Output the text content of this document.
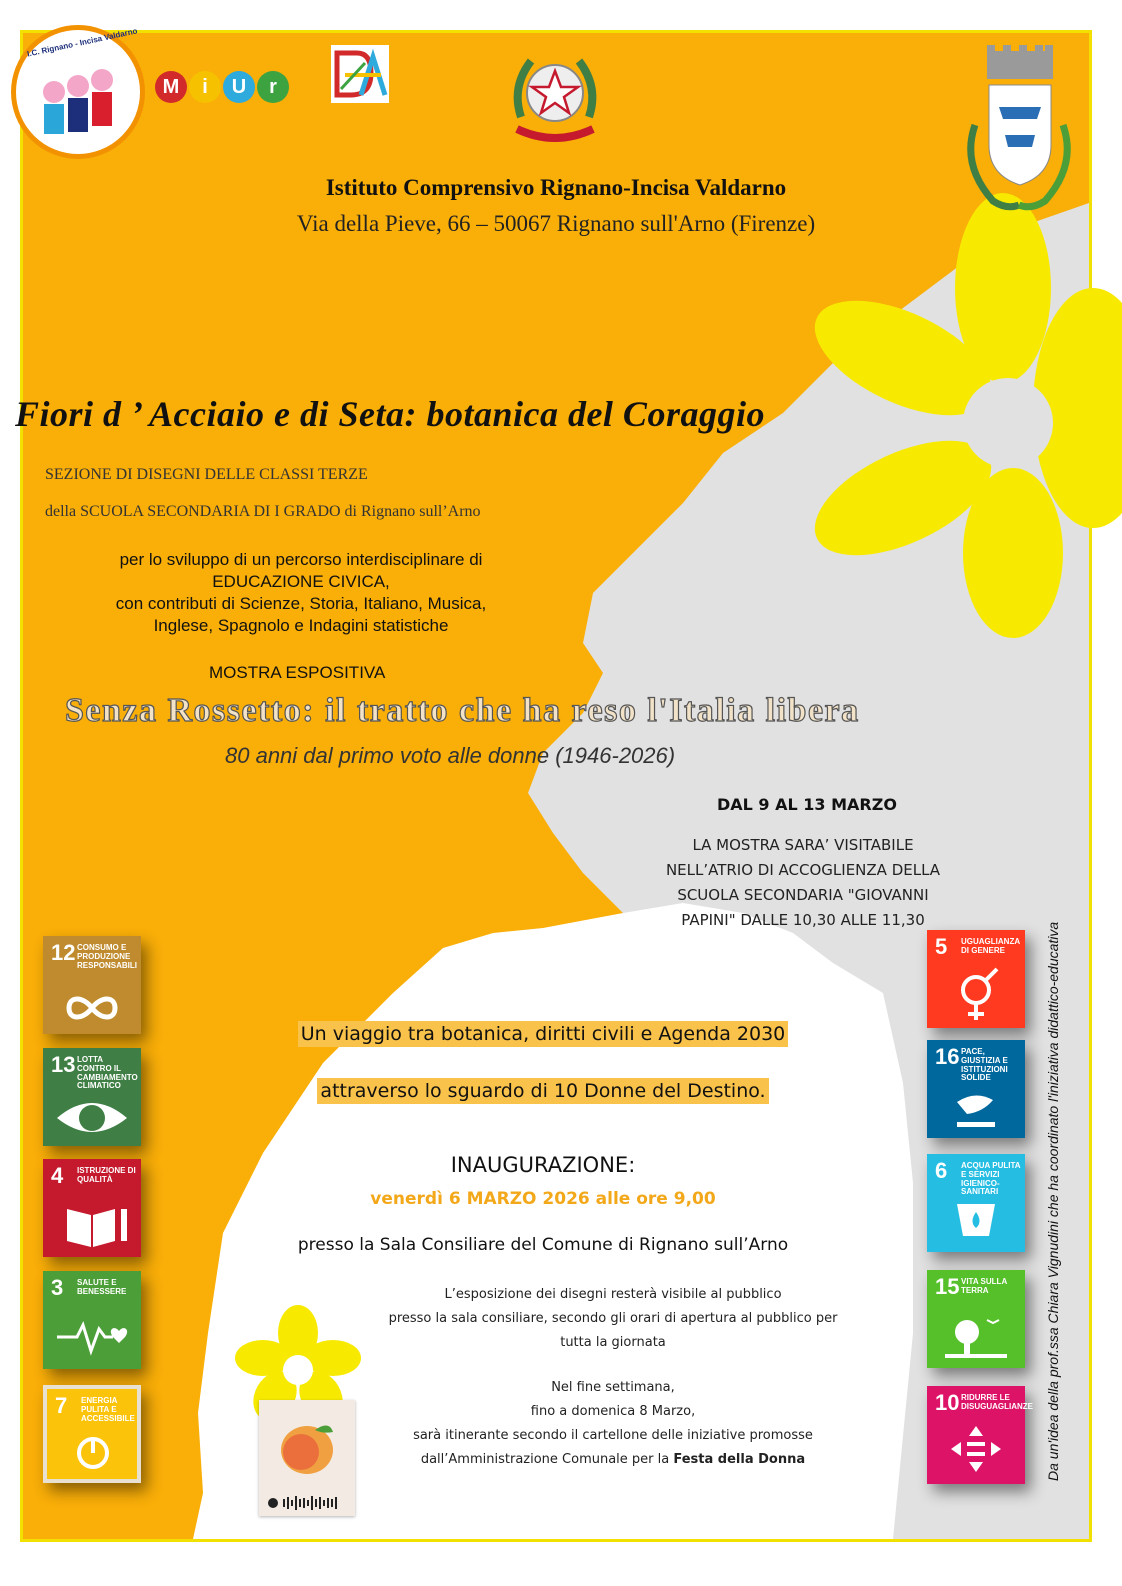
I.C. Rignano - Incisa Valdarno
M	i	U	r
Istituto Comprensivo Rignano-Incisa Valdarno
Via della Pieve, 66 – 50067 Rignano sull'Arno (Firenze)
Fiori d ’ Acciaio e di Seta: botanica del Coraggio
SEZIONE DI DISEGNI DELLE CLASSI TERZE
della SCUOLA SECONDARIA DI I GRADO di Rignano sull’Arno
per lo sviluppo di un percorso interdisciplinare di
EDUCAZIONE CIVICA,
con contributi di Scienze, Storia, Italiano, Musica,
Inglese, Spagnolo e Indagini statistiche
MOSTRA ESPOSITIVA
Senza Rossetto: il tratto che ha reso l'Italia libera
80 anni dal primo voto alle donne (1946-2026)
DAL 9 AL 13 MARZO
LA MOSTRA SARA’ VISITABILE
NELL’ATRIO DI ACCOGLIENZA DELLA
SCUOLA SECONDARIA "GIOVANNI
PAPINI" DALLE 10,30 ALLE 11,30
Un viaggio tra botanica, diritti civili e Agenda 2030
attraverso lo sguardo di 10 Donne del Destino.
INAUGURAZIONE:
venerdì 6 MARZO 2026 alle ore 9,00
presso la Sala Consiliare del Comune di Rignano sull’Arno
L’esposizione dei disegni resterà visibile al pubblico
presso la sala consiliare, secondo gli orari di apertura al pubblico per
tutta la giornata
Nel fine settimana,
fino a domenica 8 Marzo,
sarà itinerante secondo il cartellone delle iniziative promosse
dall’Amministrazione Comunale per la Festa della Donna	Da un'idea della prof.ssa Chiara Vignudini che ha coordinato l'iniziativa didattico-educativa
12 CONSUMO E PRODUZIONE RESPONSABILI
13 LOTTA CONTRO IL CAMBIAMENTO CLIMATICO
4 ISTRUZIONE DI QUALITÀ
3 SALUTE E BENESSERE
7 ENERGIA PULITA E ACCESSIBILE
5 UGUAGLIANZA DI GENERE
16 PACE, GIUSTIZIA E ISTITUZIONI SOLIDE
6 ACQUA PULITA E SERVIZI IGIENICO-SANITARI
15 VITA SULLA TERRA
10 RIDURRE LE DISUGUAGLIANZE
